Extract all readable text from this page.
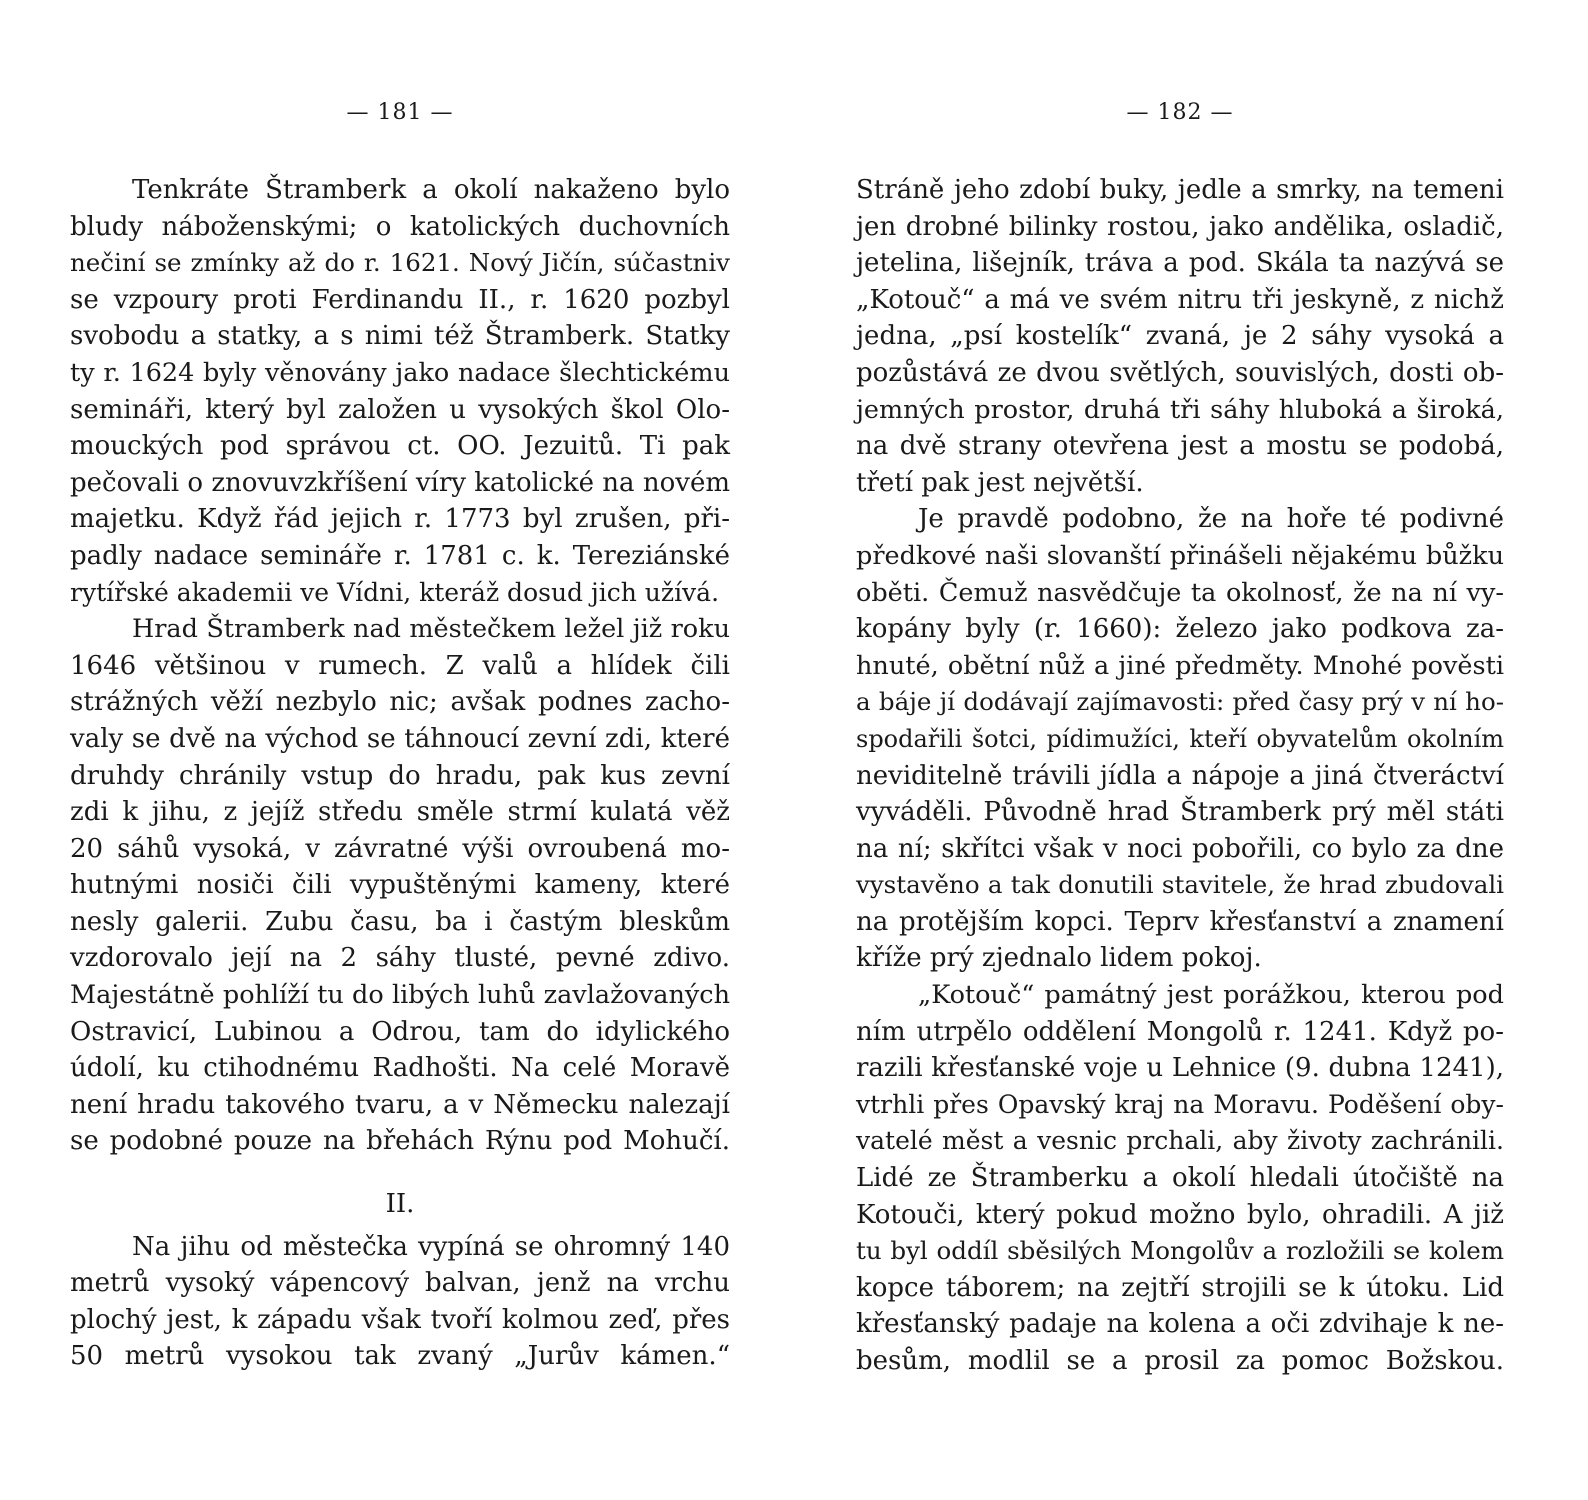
— 181 —
Tenkráte Štramberk a okolí nakaženo bylo
bludy náboženskými; o katolických duchovních
nečiní se zmínky až do r. 1621. Nový Jičín, súčastniv
se vzpoury proti Ferdinandu II., r. 1620 pozbyl
svobodu a statky, a s nimi též Štramberk. Statky
ty r. 1624 byly věnovány jako nadace šlechtickému
semináři, který byl založen u vysokých škol Olo-
mouckých pod správou ct. OO. Jezuitů. Ti pak
pečovali o znovuvzkříšení víry katolické na novém
majetku. Když řád jejich r. 1773 byl zrušen, při-
padly nadace semináře r. 1781 c. k. Tereziánské
rytířské akademii ve Vídni, kteráž dosud jich užívá.
Hrad Štramberk nad městečkem ležel již roku
1646 většinou v rumech. Z valů a hlídek čili
strážných věží nezbylo nic; avšak podnes zacho-
valy se dvě na východ se táhnoucí zevní zdi, které
druhdy chránily vstup do hradu, pak kus zevní
zdi k jihu, z jejíž středu směle strmí kulatá věž
20 sáhů vysoká, v závratné výši ovroubená mo-
hutnými nosiči čili vypuštěnými kameny, které
nesly galerii. Zubu času, ba i častým bleskům
vzdorovalo její na 2 sáhy tlusté, pevné zdivo.
Majestátně pohlíží tu do libých luhů zavlažovaných
Ostravicí, Lubinou a Odrou, tam do idylického
údolí, ku ctihodnému Radhošti. Na celé Moravě
není hradu takového tvaru, a v Německu nalezají
se podobné pouze na břehách Rýnu pod Mohučí.
II.
Na jihu od městečka vypíná se ohromný 140
metrů vysoký vápencový balvan, jenž na vrchu
plochý jest, k západu však tvoří kolmou zeď, přes
50 metrů vysokou tak zvaný „Jurův kámen.“
— 182 —
Stráně jeho zdobí buky, jedle a smrky, na temeni
jen drobné bilinky rostou, jako andělika, osladič,
jetelina, lišejník, tráva a pod. Skála ta nazývá se
„Kotouč“ a má ve svém nitru tři jeskyně, z nichž
jedna, „psí kostelík“ zvaná, je 2 sáhy vysoká a
pozůstává ze dvou světlých, souvislých, dosti ob-
jemných prostor, druhá tři sáhy hluboká a široká,
na dvě strany otevřena jest a mostu se podobá,
třetí pak jest největší.
Je pravdě podobno, že na hoře té podivné
předkové naši slovanští přinášeli nějakému bůžku
oběti. Čemuž nasvědčuje ta okolnosť, že na ní vy-
kopány byly (r. 1660): železo jako podkova za-
hnuté, obětní nůž a jiné předměty. Mnohé pověsti
a báje jí dodávají zajímavosti: před časy prý v ní ho-
spodařili šotci, pídimužíci, kteří obyvatelům okolním
neviditelně trávili jídla a nápoje a jiná čtveráctví
vyváděli. Původně hrad Štramberk prý měl státi
na ní; skřítci však v noci pobořili, co bylo za dne
vystavěno a tak donutili stavitele, že hrad zbudovali
na protějším kopci. Teprv křesťanství a znamení
kříže prý zjednalo lidem pokoj.
„Kotouč“ památný jest porážkou, kterou pod
ním utrpělo oddělení Mongolů r. 1241. Když po-
razili křesťanské voje u Lehnice (9. dubna 1241),
vtrhli přes Opavský kraj na Moravu. Poděšení oby-
vatelé měst a vesnic prchali, aby životy zachránili.
Lidé ze Štramberku a okolí hledali útočiště na
Kotouči, který pokud možno bylo, ohradili. A již
tu byl oddíl sběsilých Mongolův a rozložili se kolem
kopce táborem; na zejtří strojili se k útoku. Lid
křesťanský padaje na kolena a oči zdvihaje k ne-
besům, modlil se a prosil za pomoc Božskou.
